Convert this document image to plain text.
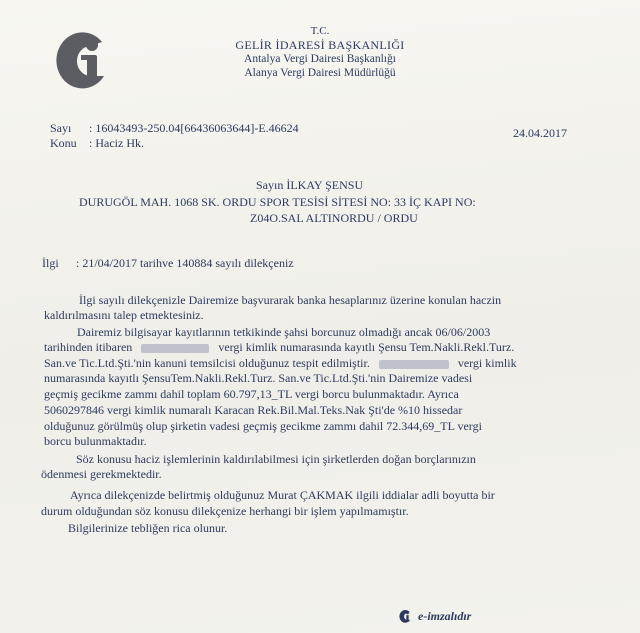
T.C.
GELİR İDARESİ BAŞKANLIĞI
Antalya Vergi Dairesi Başkanlığı
Alanya Vergi Dairesi Müdürlüğü
Sayı : 16043493-250.04[66436063644]-E.46624	24.04.2017
Konu : Haciz Hk.
Sayın İLKAY ŞENSU
DURUGÖL MAH. 1068 SK. ORDU SPOR TESİSİ SİTESİ NO: 33 İÇ KAPI NO:
Z04O.SAL ALTINORDU / ORDU
İlgi : 21/04/2017 tarihve 140884 sayılı dilekçeniz
İlgi sayılı dilekçenizle Dairemize başvurarak banka hesaplarınız üzerine konulan haczin
kaldırılmasını talep etmektesiniz.
Dairemiz bilgisayar kayıtlarının tetkikinde şahsi borcunuz olmadığı ancak 06/06/2003
tarihinden itibaren	vergi kimlik numarasında kayıtlı Şensu Tem.Nakli.Rekl.Turz.
San.ve Tic.Ltd.Şti.'nin kanuni temsilcisi olduğunuz tespit edilmiştir.	vergi kimlik
numarasında kayıtlı ŞensuTem.Nakli.Rekl.Turz. San.ve Tic.Ltd.Şti.'nin Dairemize vadesi
geçmiş gecikme zammı dahil toplam 60.797,13_TL vergi borcu bulunmaktadır. Ayrıca
5060297846 vergi kimlik numaralı Karacan Rek.Bil.Mal.Teks.Nak Şti'de %10 hissedar
olduğunuz görülmüş olup şirketin vadesi geçmiş gecikme zammı dahil 72.344,69_TL vergi
borcu bulunmaktadır.
Söz konusu haciz işlemlerinin kaldırılabilmesi için şirketlerden doğan borçlarınızın
ödenmesi gerekmektedir.
Ayrıca dilekçenizde belirtmiş olduğunuz Murat ÇAKMAK ilgili iddialar adli boyutta bir
durum olduğundan söz konusu dilekçenize herhangi bir işlem yapılmamıştır.
Bilgilerinize tebliğen rica olunur.
e-imzalıdır
